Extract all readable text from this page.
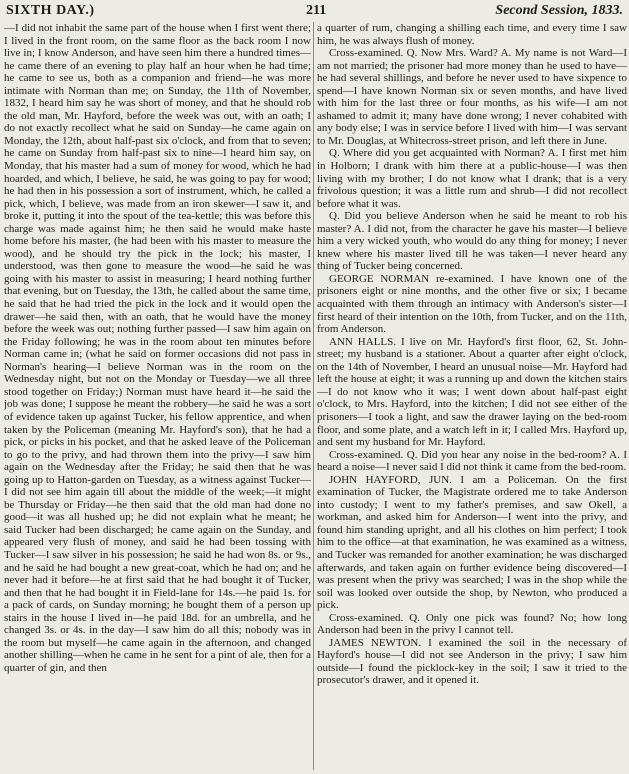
SIXTH DAY.)	211	Second Session, 1833.

—I did not inhabit the same part of the house when I first went there; I lived in the front room, on the same floor as the back room I now live in; I know Anderson, and have seen him there a hundred times—he came there of an evening to play half an hour when he had time; he came to see us, both as a companion and friend—he was more intimate with Norman than me; on Sunday, the 11th of November, 1832, I heard him say he was short of money, and that he should rob the old man, Mr. Hayford, before the week was out, with an oath; I do not exactly recollect what he said on Sunday—he came again on Monday, the 12th, about half-past six o'clock, and from that to seven; he came on Sunday from half-past six to nine—I heard him say, on Monday, that his master had a sum of money for wood, which he had hoarded, and which, I believe, he said, he was going to pay for wood; he had then in his possession a sort of instrument, which, he called a pick, which, I believe, was made from an iron skewer—I saw it, and broke it, putting it into the spout of the tea-kettle; this was before this charge was made against him; he then said he would make haste home before his master, (he had been with his master to measure the wood), and he should try the pick in the lock; his master, I understood, was then gone to measure the wood—he said he was going with his master to assist in measuring; I heard nothing further that evening, but on Tuesday, the 13th, he called about the same time, he said that he had tried the pick in the lock and it would open the drawer—he said then, with an oath, that he would have the money before the week was out; nothing further passed—I saw him again on the Friday following; he was in the room about ten minutes before Norman came in; (what he said on former occasions did not pass in Norman's hearing—I believe Norman was in the room on the Wednesday night, but not on the Monday or Tuesday—we all three stood together on Friday;) Norman must have heard it—he said the job was done; I suppose he meant the robbery—he said he was a sort of evidence taken up against Tucker, his fellow apprentice, and when taken by the Policeman (meaning Mr. Hayford's son), that he had a pick, or picks in his pocket, and that he asked leave of the Policeman to go to the privy, and had thrown them into the privy—I saw him again on the Wednesday after the Friday; he said then that he was going up to Hatton-garden on Tuesday, as a witness against Tucker—I did not see him again till about the middle of the week;—it might be Thursday or Friday—he then said that the old man had done no good—it was all hushed up; he did not explain what he meant; he said Tucker had been discharged; he came again on the Sunday, and appeared very flush of money, and said he had been tossing with Tucker—I saw silver in his possession; he said he had won 8s. or 9s., and he said he had bought a new great-coat, which he had on; and he never had it before—he at first said that he had bought it of Tucker, and then that he had bought it in Field-lane for 14s.—he paid 1s. for a pack of cards, on Sunday morning; he bought them of a person up stairs in the house I lived in—he paid 18d. for an umbrella, and he changed 3s. or 4s. in the day—I saw him do all this; nobody was in the room but myself—he came again in the afternoon, and changed another shilling—when he came in he sent for a pint of ale, then for a quarter of gin, and then

a quarter of rum, changing a shilling each time, and every time I saw him, he was always flush of money.

Cross-examined. Q. Now Mrs. Ward? A. My name is not Ward—I am not married; the prisoner had more money than he used to have—he had several shillings, and before he never used to have sixpence to spend—I have known Norman six or seven months, and have lived with him for the last three or four months, as his wife—I am not ashamed to admit it; many have done wrong; I never cohabited with any body else; I was in service before I lived with him—I was servant to Mr. Douglas, at Whitecross-street prison, and left there in June.

Q. Where did you get acquainted with Norman? A. I first met him in Holborn; I drank with him there at a public-house—I was then living with my brother; I do not know what I drank; that is a very frivolous question; it was a little rum and shrub—I did not recollect before what it was.

Q. Did you believe Anderson when he said he meant to rob his master? A. I did not, from the character he gave his master—I believe him a very wicked youth, who would do any thing for money; I never knew where his master lived till he was taken—I never heard any thing of Tucker being concerned.

GEORGE NORMAN re-examined. I have known one of the prisoners eight or nine months, and the other five or six; I became acquainted with them through an intimacy with Anderson's sister—I first heard of their intention on the 10th, from Tucker, and on the 11th, from Anderson.

ANN HALLS. I live on Mr. Hayford's first floor, 62, St. John-street; my husband is a stationer. About a quarter after eight o'clock, on the 14th of November, I heard an unusual noise—Mr. Hayford had left the house at eight; it was a running up and down the kitchen stairs—I do not know who it was; I went down about half-past eight o'clock, to Mrs. Hayford, into the kitchen; I did not see either of the prisoners—I took a light, and saw the drawer laying on the bed-room floor, and some plate, and a watch left in it; I called Mrs. Hayford up, and sent my husband for Mr. Hayford.

Cross-examined. Q. Did you hear any noise in the bed-room? A. I heard a noise—I never said I did not think it came from the bed-room.

JOHN HAYFORD, JUN. I am a Policeman. On the first examination of Tucker, the Magistrate ordered me to take Anderson into custody; I went to my father's premises, and saw Okell, a workman, and asked him for Anderson—I went into the privy, and found him standing upright, and all his clothes on him perfect; I took him to the office—at that examination, he was examined as a witness, and Tucker was remanded for another examination; he was discharged afterwards, and taken again on further evidence being discovered—I was present when the privy was searched; I was in the shop while the soil was looked over outside the shop, by Newton, who produced a pick.

Cross-examined. Q. Only one pick was found? No; how long Anderson had been in the privy I cannot tell.

JAMES NEWTON. I examined the soil in the necessary of Hayford's house—I did not see Anderson in the privy; I saw him outside—I found the picklock-key in the soil; I saw it tried to the prosecutor's drawer, and it opened it.
